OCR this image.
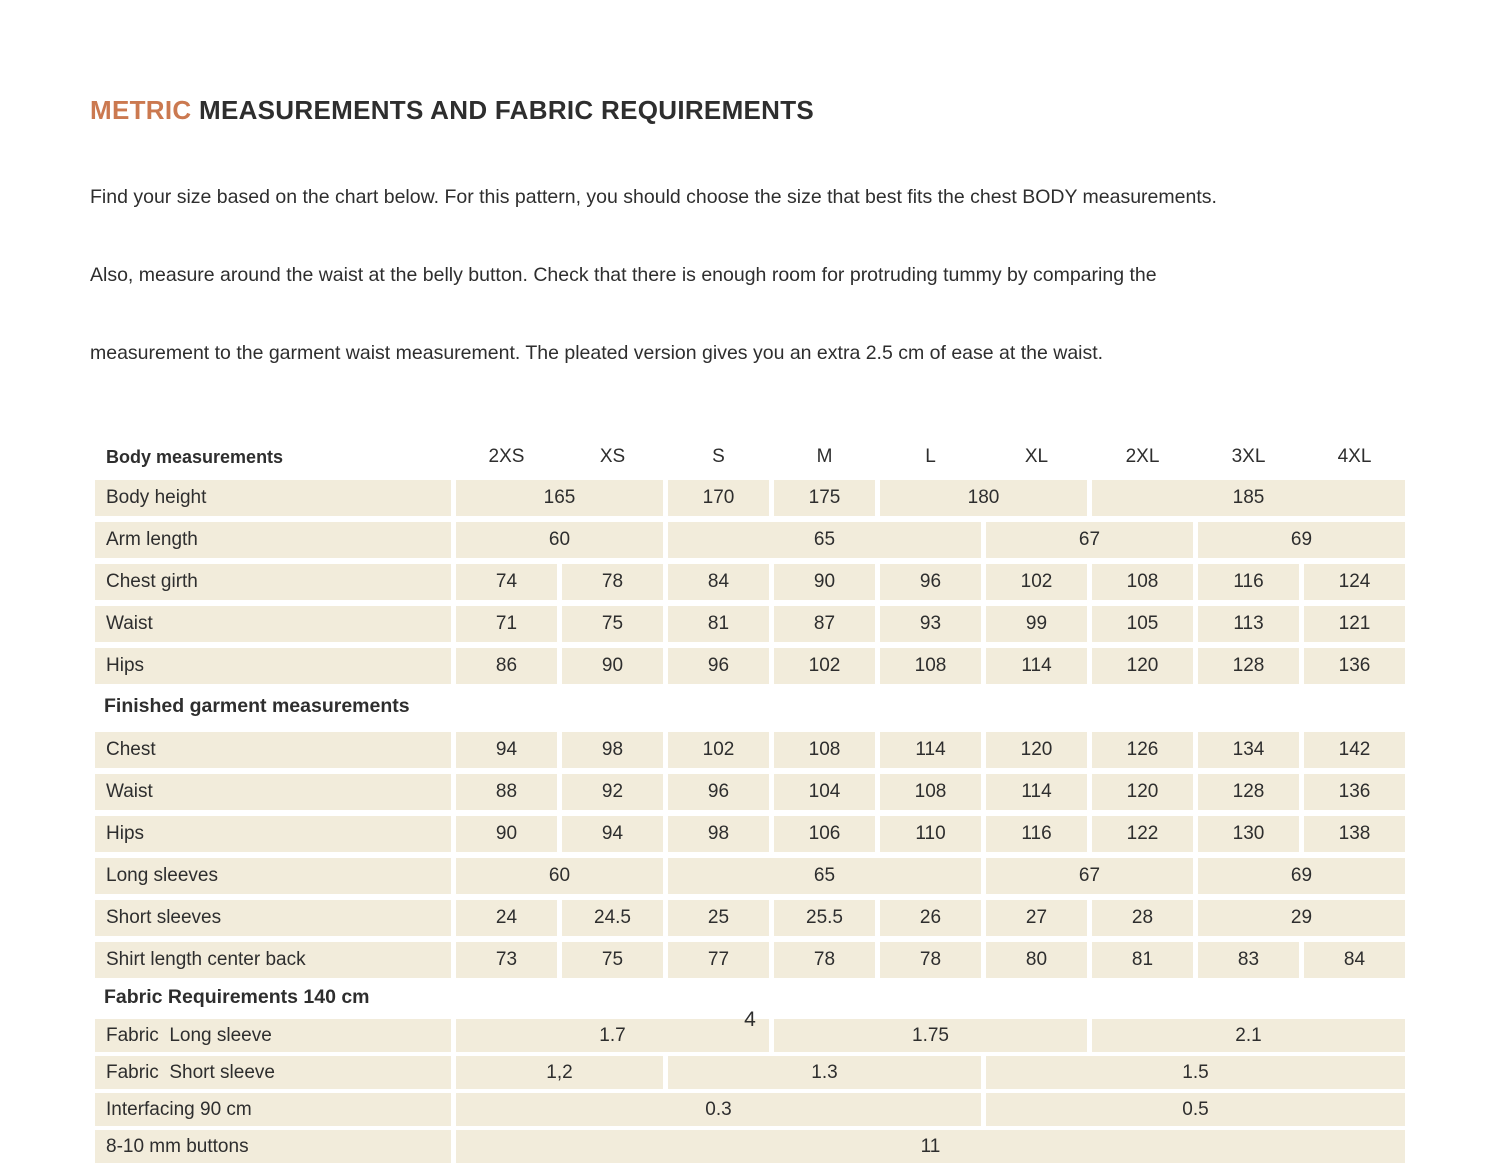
METRIC MEASUREMENTS AND FABRIC REQUIREMENTS

Find your size based on the chart below. For this pattern, you should choose the size that best fits the chest BODY measurements.

Also, measure around the waist at the belly button. Check that there is enough room for protruding tummy by comparing the

measurement to the garment waist measurement. The pleated version gives you an extra 2.5 cm of ease at the waist.

Body measurements	2XS	XS	S	M	L	XL	2XL	3XL	4XL
Body height	165	170	175	180	185
Arm length	60	65	67	69
Chest girth	74	78	84	90	96	102	108	116	124
Waist	71	75	81	87	93	99	105	113	121
Hips	86	90	96	102	108	114	120	128	136
Finished garment measurements
Chest	94	98	102	108	114	120	126	134	142
Waist	88	92	96	104	108	114	120	128	136
Hips	90	94	98	106	110	116	122	130	138
Long sleeves	60	65	67	69
Short sleeves	24	24.5	25	25.5	26	27	28	29
Shirt length center back	73	75	77	78	78	80	81	83	84
Fabric Requirements 140 cm
Fabric  Long sleeve	1.7	1.75	2.1
Fabric  Short sleeve	1,2	1.3	1.5
Interfacing 90 cm	0.3	0.5
8-10 mm buttons	11
4
